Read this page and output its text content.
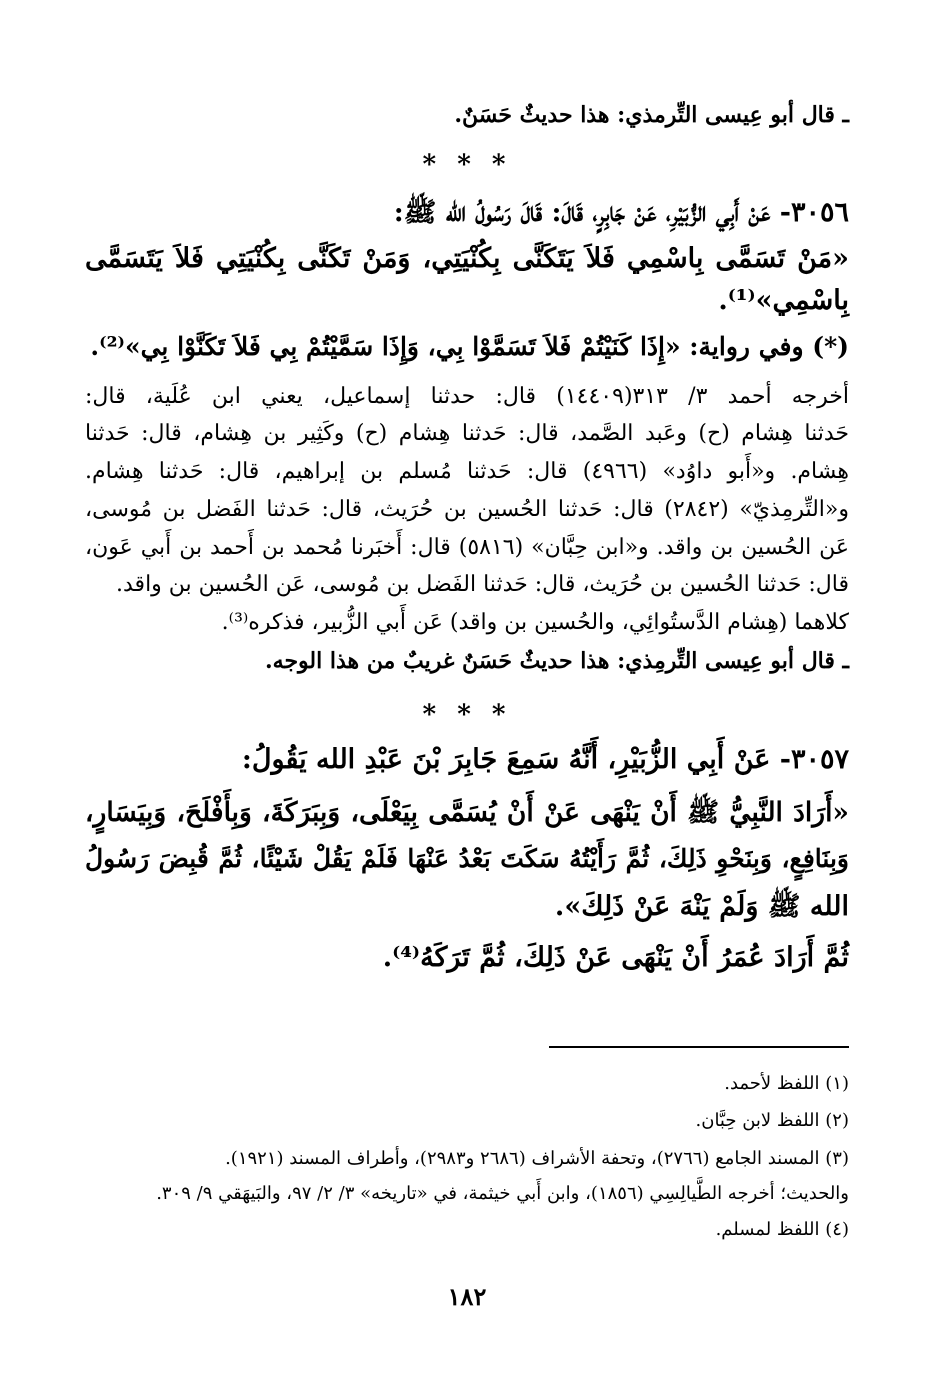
ـ قال أبو عِيسى التِّرمذي: هذا حديثٌ حَسَنٌ.
* * *
٣٠٥٦- عَنْ أَبِي الزُّبَيْرِ، عَنْ جَابِرٍ، قَالَ: قَالَ رَسُولُ الله ﷺ:
«مَنْ تَسَمَّى بِاسْمِي فَلاَ يَتَكَنَّى بِكُنْيَتِي، وَمَنْ تَكَنَّى بِكُنْيَتِي فَلاَ يَتَسَمَّى
بِاسْمِي»⁽¹⁾.
(*) وفي رواية: «إِذَا كَنَيْتُمْ فَلاَ تَسَمَّوْا بِي، وَإِذَا سَمَّيْتُمْ بِي فَلاَ تَكَنَّوْا بِي»⁽²⁾.
أخرجه أحمد ٣/ ٣١٣(١٤٤٠٩) قال: حدثنا إسماعيل، يعني ابن عُلَية، قال:
حَدثنا هِشام (ح) وعَبد الصَّمد، قال: حَدثنا هِشام (ح) وكَثِير بن هِشام، قال: حَدثنا
هِشام. و«أَبو داوُد» (٤٩٦٦) قال: حَدثنا مُسلم بن إبراهيم، قال: حَدثنا هِشام.
و«التِّرمِذيّ» (٢٨٤٢) قال: حَدثنا الحُسين بن حُرَيث، قال: حَدثنا الفَضل بن مُوسى،
عَن الحُسين بن واقد. و«ابن حِبَّان» (٥٨١٦) قال: أَخبَرنا مُحمد بن أَحمد بن أَبي عَون،
قال: حَدثنا الحُسين بن حُرَيث، قال: حَدثنا الفَضل بن مُوسى، عَن الحُسين بن واقد.
كلاهما (هِشام الدَّستُوائِي، والحُسين بن واقد) عَن أَبي الزُّبير، فذكره⁽³⁾.
ـ قال أبو عِيسى التِّرمِذي: هذا حديثٌ حَسَنٌ غريبٌ من هذا الوجه.
* * *
٣٠٥٧- عَنْ أَبِي الزُّبَيْرِ، أَنَّهُ سَمِعَ جَابِرَ بْنَ عَبْدِ الله يَقُولُ:
«أَرَادَ النَّبِيُّ ﷺ أَنْ يَنْهَى عَنْ أَنْ يُسَمَّى بِيَعْلَى، وَبِبَرَكَةَ، وَبِأَفْلَحَ، وَبِيَسَارٍ،
وَبِنَافِعٍ، وَبِنَحْوِ ذَلِكَ، ثُمَّ رَأَيْتُهُ سَكَتَ بَعْدُ عَنْهَا فَلَمْ يَقُلْ شَيْئًا، ثُمَّ قُبِضَ رَسُولُ
الله ﷺ وَلَمْ يَنْهَ عَنْ ذَلِكَ».
ثُمَّ أَرَادَ عُمَرُ أَنْ يَنْهَى عَنْ ذَلِكَ، ثُمَّ تَرَكَهُ⁽⁴⁾.
(١) اللفظ لأحمد.
(٢) اللفظ لابن حِبَّان.
(٣) المسند الجامع (٢٧٦٦)، وتحفة الأشراف (٢٦٨٦ و٢٩٨٣)، وأطراف المسند (١٩٢١).
والحديث؛ أخرجه الطَّيالِسِي (١٨٥٦)، وابن أَبي خيثمة، في «تاريخه» ٣/ ٢/ ٩٧، والبَيهَقي ٩/ ٣٠٩.
(٤) اللفظ لمسلم.
١٨٢
